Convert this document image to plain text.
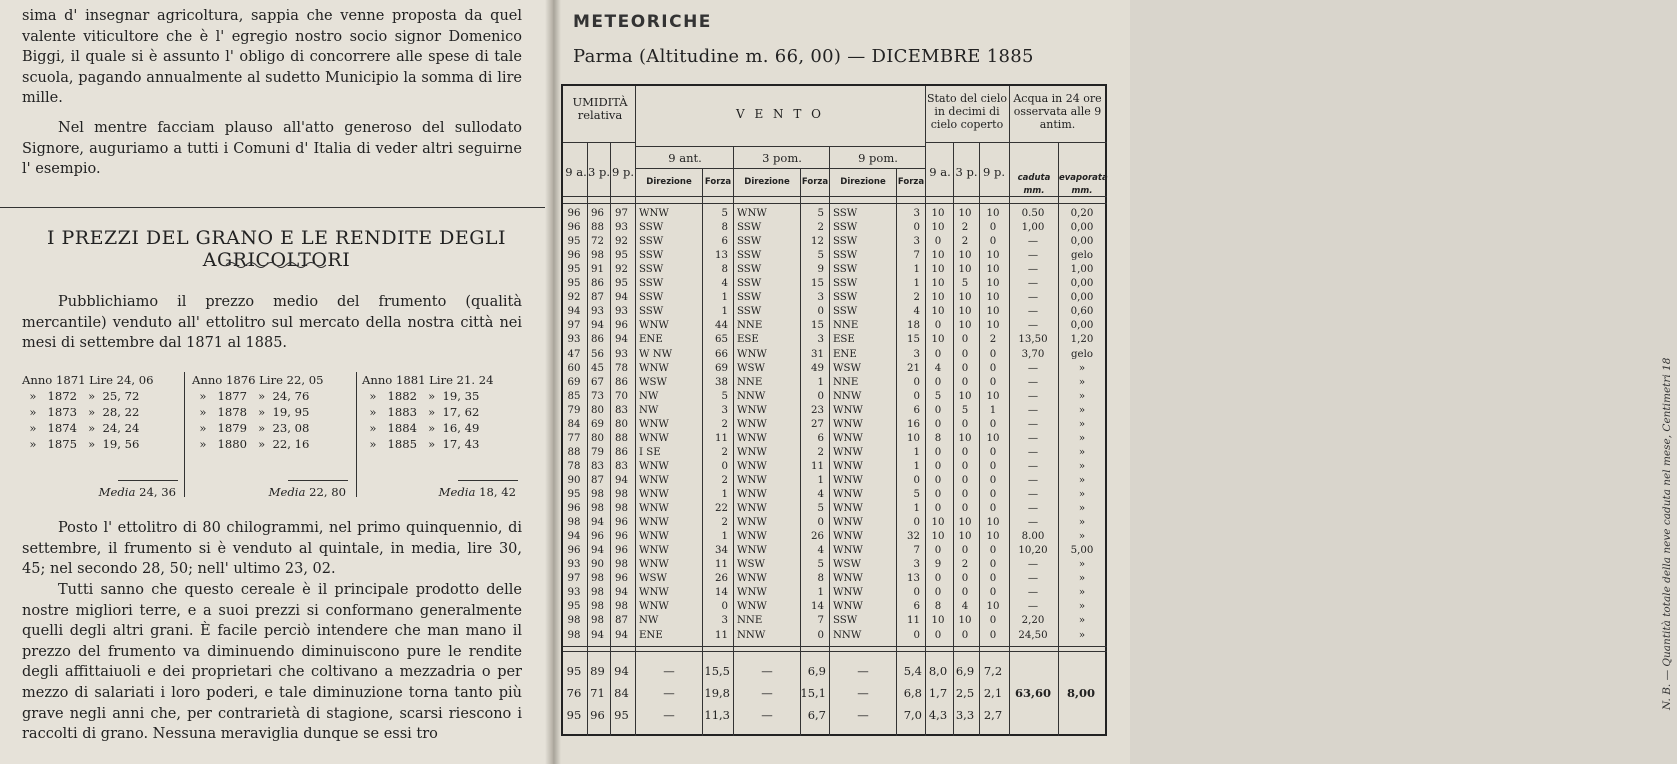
sima d' insegnar agricoltura, sappia che venne proposta da quel valente viticultore che è l' egregio nostro socio signor Domenico Biggi, il quale si è assunto l' obligo di concorrere alle spese di tale scuola, pagando annualmente al sudetto Municipio la somma di lire mille.

Nel mentre facciam plauso all'atto generoso del sullodato Signore, auguriamo a tutti i Comuni d' Italia di veder altri seguirne l' esempio.

I PREZZI DEL GRANO E LE RENDITE DEGLI AGRICOLTORI

Pubblichiamo il prezzo medio del frumento (qualità mercantile) venduto all' ettolitro sul mercato della nostra città nei mesi di settembre dal 1871 al 1885.

Anno 1871 Lire 24, 06
»   1872   »  25, 72
»   1873   »  28, 22
»   1874   »  24, 24
»   1875   »  19, 56
Media 24, 36
Anno 1876 Lire 22, 05
»   1877   »  24, 76
»   1878   »  19, 95
»   1879   »  23, 08
»   1880   »  22, 16
Media 22, 80
Anno 1881 Lire 21. 24
»   1882   »  19, 35
»   1883   »  17, 62
»   1884   »  16, 49
»   1885   »  17, 43
Media 18, 42

Posto l' ettolitro di 80 chilogrammi, nel primo quinquennio, di settembre, il frumento si è venduto al quintale, in media, lire 30, 45; nel secondo 28, 50; nell' ultimo 23, 02.

Tutti sanno che questo cereale è il principale prodotto delle nostre migliori terre, e a suoi prezzi si conformano generalmente quelli degli altri grani. È facile perciò intendere che man mano il prezzo del frumento va diminuendo diminuiscono pure le rendite degli affittaiuoli e dei proprietari che coltivano a mezzadria o per mezzo di salariati i loro poderi, e tale diminuzione torna tanto più grave negli anni che, per contrarietà di stagione, scarsi riescono i raccolti di grano. Nessuna meraviglia dunque se essi tro

METEORICHE
Parma (Altitudine m. 66, 00) — DICEMBRE 1885
UMIDITÀ relativa	V E N T O
Stato del cielo in decimi di cielo coperto
Acqua in 24 ore osservata alle 9 antim.
9 a. 3 p. 9 p.
9 ant.	3 pom.	9 pom.
Direzione	Forza	Direzione	Forza	Direzione	Forza
9 a. 3 p. 9 p.	caduta mm.
evaporata mm.
96	96	97	WNW	5 WNW	5 SSW	3	10	10	10	0.50	0,20
96	88	93	SSW	8 SSW	2 SSW	0	10	2	0	1,00	0,00
95	72	92	SSW	6 SSW	12 SSW	3	0	2	0	—	0,00
96	98	95	SSW	13 SSW	5 SSW	7	10	10	10	—	gelo
95	91	92	SSW	8 SSW	9 SSW	1	10	10	10	—	1,00
95	86	95	SSW	4 SSW	15 SSW	1	10	5	10	—	0,00
92	87	94	SSW	1 SSW	3 SSW	2	10	10	10	—	0,00
94	93	93	SSW	1 SSW	0 SSW	4	10	10	10	—	0,60
97	94	96	WNW	44 NNE	15 NNE	18	0	10	10	—	0,00
93	86	94	ENE	65 ESE	3 ESE	15	10	0	2	13,50	1,20
47	56	93	W NW	66 WNW	31 ENE	3	0	0	0	3,70	gelo
60	45	78	WNW	69 WSW	49 WSW	21	4	0	0	—	»
69	67	86	WSW	38 NNE	1 NNE	0	0	0	0	—	»
85	73	70	NW	5 NNW	0 NNW	0	5	10	10	—	»
79	80	83	NW	3 WNW	23 WNW	6	0	5	1	—	»
84	69	80	WNW	2 WNW	27 WNW	16	0	0	0	—	»
77	80	88	WNW	11 WNW	6 WNW	10	8	10	10	—	»
88	79	86	I SE	2 WNW	2 WNW	1	0	0	0	—	»
78	83	83	WNW	0 WNW	11 WNW	1	0	0	0	—	»
90	87	94	WNW	2 WNW	1 WNW	0	0	0	0	—	»
95	98	98	WNW	1 WNW	4 WNW	5	0	0	0	—	»
96	98	98	WNW	22 WNW	5 WNW	1	0	0	0	—	»
98	94	96	WNW	2 WNW	0 WNW	0	10	10	10	—	»
94	96	96	WNW	1 WNW	26 WNW	32	10	10	10	8.00	»
96	94	96	WNW	34 WNW	4 WNW	7	0	0	0	10,20	5,00
93	90	98	WNW	11 WSW	5 WSW	3	9	2	0	—	»
97	98	96	WSW	26 WNW	8 WNW	13	0	0	0	—	»
93	98	94	WNW	14 WNW	1 WNW	0	0	0	0	—	»
95	98	98	WNW	0 WNW	14 WNW	6	8	4	10	—	»
98	98	87	NW	3 NNE	7 SSW	11	10	10	0	2,20	»
98	94	94	ENE	11 NNW	0 NNW	0	0	0	0	24,50	»
95 89 94	—	15,5	—	6,9	—	5,4 8,0 6,9 7,2
76 71 84	—	19,8	—	15,1	—	6,8 1,7 2,5 2,1	63,60	8,00
95 96 95	—	11,3	—	6,7	—	7,0 4,3 3,3 2,7
N. B. — Quantità totale della neve caduta nel mese, Centimetri 18
